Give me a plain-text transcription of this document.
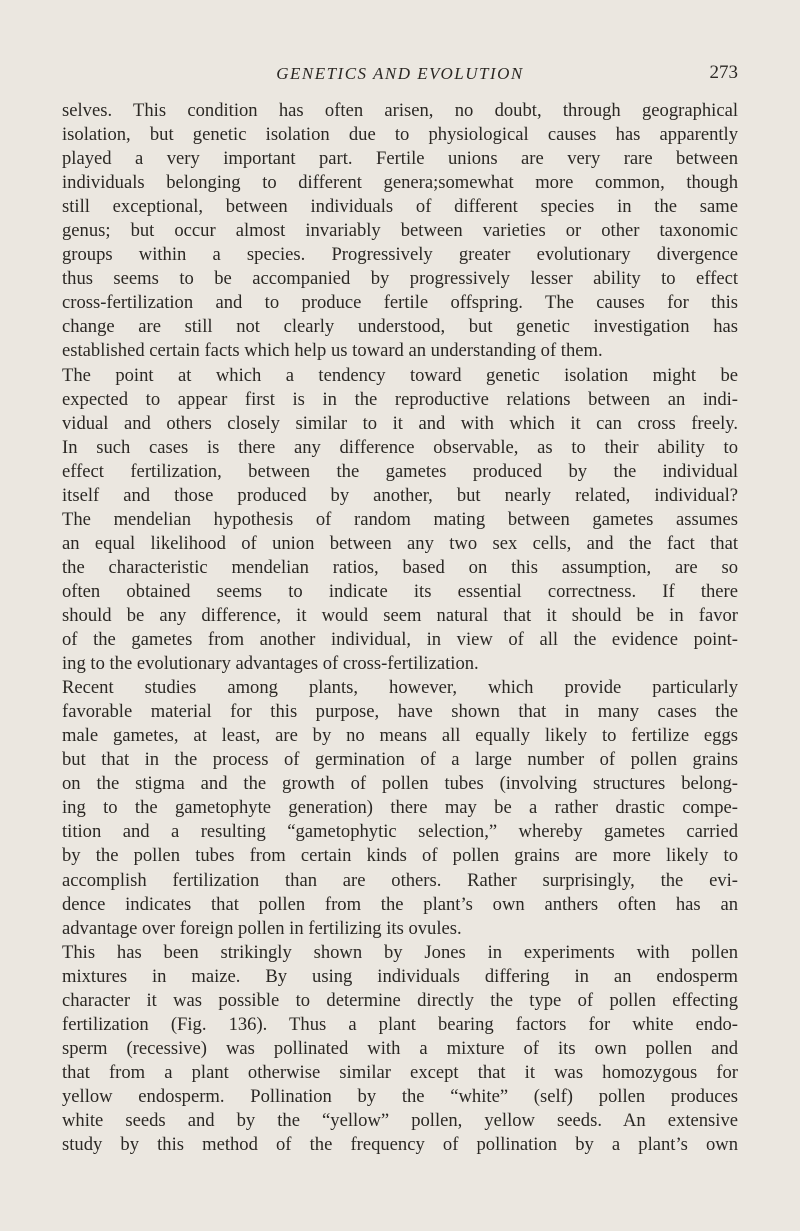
GENETICS AND EVOLUTION	273
selves. This condition has often arisen, no doubt, through geographical
isolation, but genetic isolation due to physiological causes has apparently
played a very important part. Fertile unions are very rare between
individuals belonging to different genera;somewhat more common, though
still exceptional, between individuals of different species in the same
genus; but occur almost invariably between varieties or other taxonomic
groups within a species. Progressively greater evolutionary divergence
thus seems to be accompanied by progressively lesser ability to effect
cross-fertilization and to produce fertile offspring. The causes for this
change are still not clearly understood, but genetic investigation has
established certain facts which help us toward an understanding of them.
The point at which a tendency toward genetic isolation might be
expected to appear first is in the reproductive relations between an indi-
vidual and others closely similar to it and with which it can cross freely.
In such cases is there any difference observable, as to their ability to
effect fertilization, between the gametes produced by the individual
itself and those produced by another, but nearly related, individual?
The mendelian hypothesis of random mating between gametes assumes
an equal likelihood of union between any two sex cells, and the fact that
the characteristic mendelian ratios, based on this assumption, are so
often obtained seems to indicate its essential correctness. If there
should be any difference, it would seem natural that it should be in favor
of the gametes from another individual, in view of all the evidence point-
ing to the evolutionary advantages of cross-fertilization.
Recent studies among plants, however, which provide particularly
favorable material for this purpose, have shown that in many cases the
male gametes, at least, are by no means all equally likely to fertilize eggs
but that in the process of germination of a large number of pollen grains
on the stigma and the growth of pollen tubes (involving structures belong-
ing to the gametophyte generation) there may be a rather drastic compe-
tition and a resulting “gametophytic selection,” whereby gametes carried
by the pollen tubes from certain kinds of pollen grains are more likely to
accomplish fertilization than are others. Rather surprisingly, the evi-
dence indicates that pollen from the plant’s own anthers often has an
advantage over foreign pollen in fertilizing its ovules.
This has been strikingly shown by Jones in experiments with pollen
mixtures in maize. By using individuals differing in an endosperm
character it was possible to determine directly the type of pollen effecting
fertilization (Fig. 136). Thus a plant bearing factors for white endo-
sperm (recessive) was pollinated with a mixture of its own pollen and
that from a plant otherwise similar except that it was homozygous for
yellow endosperm. Pollination by the “white” (self) pollen produces
white seeds and by the “yellow” pollen, yellow seeds. An extensive
study by this method of the frequency of pollination by a plant’s own
